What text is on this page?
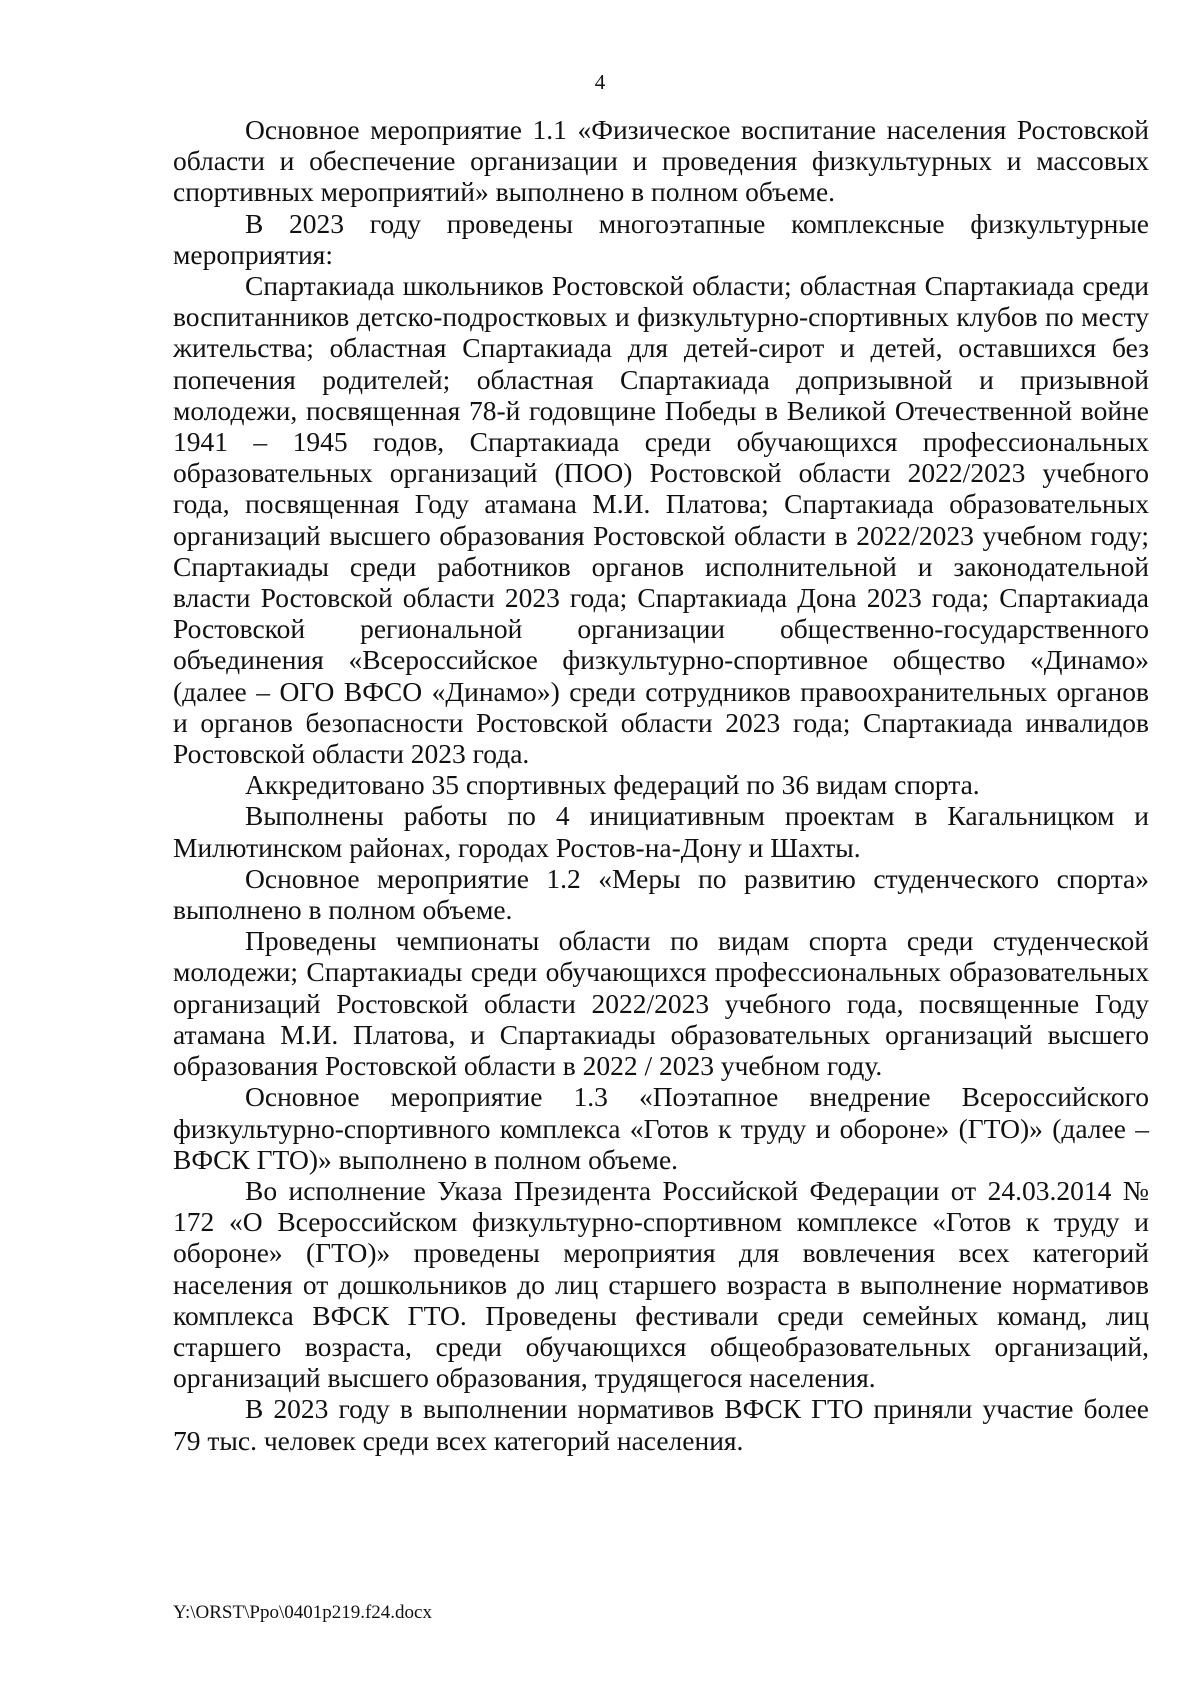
4

Основное мероприятие 1.1 «Физическое воспитание населения Ростовской области и обеспечение организации и проведения физкультурных и массовых спортивных мероприятий» выполнено в полном объеме.

В 2023 году проведены многоэтапные комплексные физкультурные мероприятия:

Спартакиада школьников Ростовской области; областная Спартакиада среди воспитанников детско-подростковых и физкультурно-спортивных клубов по месту жительства; областная Спартакиада для детей-сирот и детей, оставшихся без попечения родителей; областная Спартакиада допризывной и призывной молодежи, посвященная 78-й годовщине Победы в Великой Отечественной войне 1941 – 1945 годов, Спартакиада среди обучающихся профессиональных образовательных организаций (ПОО) Ростовской области 2022/2023 учебного года, посвященная Году атамана М.И. Платова; Спартакиада образовательных организаций высшего образования Ростовской области в 2022/2023 учебном году; Спартакиады среди работников органов исполнительной и законодательной власти Ростовской области 2023 года; Спартакиада Дона 2023 года; Спартакиада Ростовской региональной организации общественно-государственного объединения «Всероссийское физкультурно-спортивное общество «Динамо» (далее – ОГО ВФСО «Динамо») среди сотрудников правоохранительных органов и органов безопасности Ростовской области 2023 года; Спартакиада инвалидов Ростовской области 2023 года.

Аккредитовано 35 спортивных федераций по 36 видам спорта.

Выполнены работы по 4 инициативным проектам в Кагальницком и Милютинском районах, городах Ростов-на-Дону и Шахты.

Основное мероприятие 1.2 «Меры по развитию студенческого спорта» выполнено в полном объеме.

Проведены чемпионаты области по видам спорта среди студенческой молодежи; Спартакиады среди обучающихся профессиональных образовательных организаций Ростовской области 2022/2023 учебного года, посвященные Году атамана М.И. Платова, и Спартакиады образовательных организаций высшего образования Ростовской области в 2022 / 2023 учебном году.

Основное мероприятие 1.3 «Поэтапное внедрение Всероссийского физкультурно-спортивного комплекса «Готов к труду и обороне» (ГТО)» (далее – ВФСК ГТО)» выполнено в полном объеме.

Во исполнение Указа Президента Российской Федерации от 24.03.2014 № 172 «О Всероссийском физкультурно-спортивном комплексе «Готов к труду и обороне» (ГТО)» проведены мероприятия для вовлечения всех категорий населения от дошкольников до лиц старшего возраста в выполнение нормативов комплекса ВФСК ГТО. Проведены фестивали среди семейных команд, лиц старшего возраста, среди обучающихся общеобразовательных организаций, организаций высшего образования, трудящегося населения.

В 2023 году в выполнении нормативов ВФСК ГТО приняли участие более 79 тыс. человек среди всех категорий населения.

Y:\ORST\Ppo\0401p219.f24.docx
